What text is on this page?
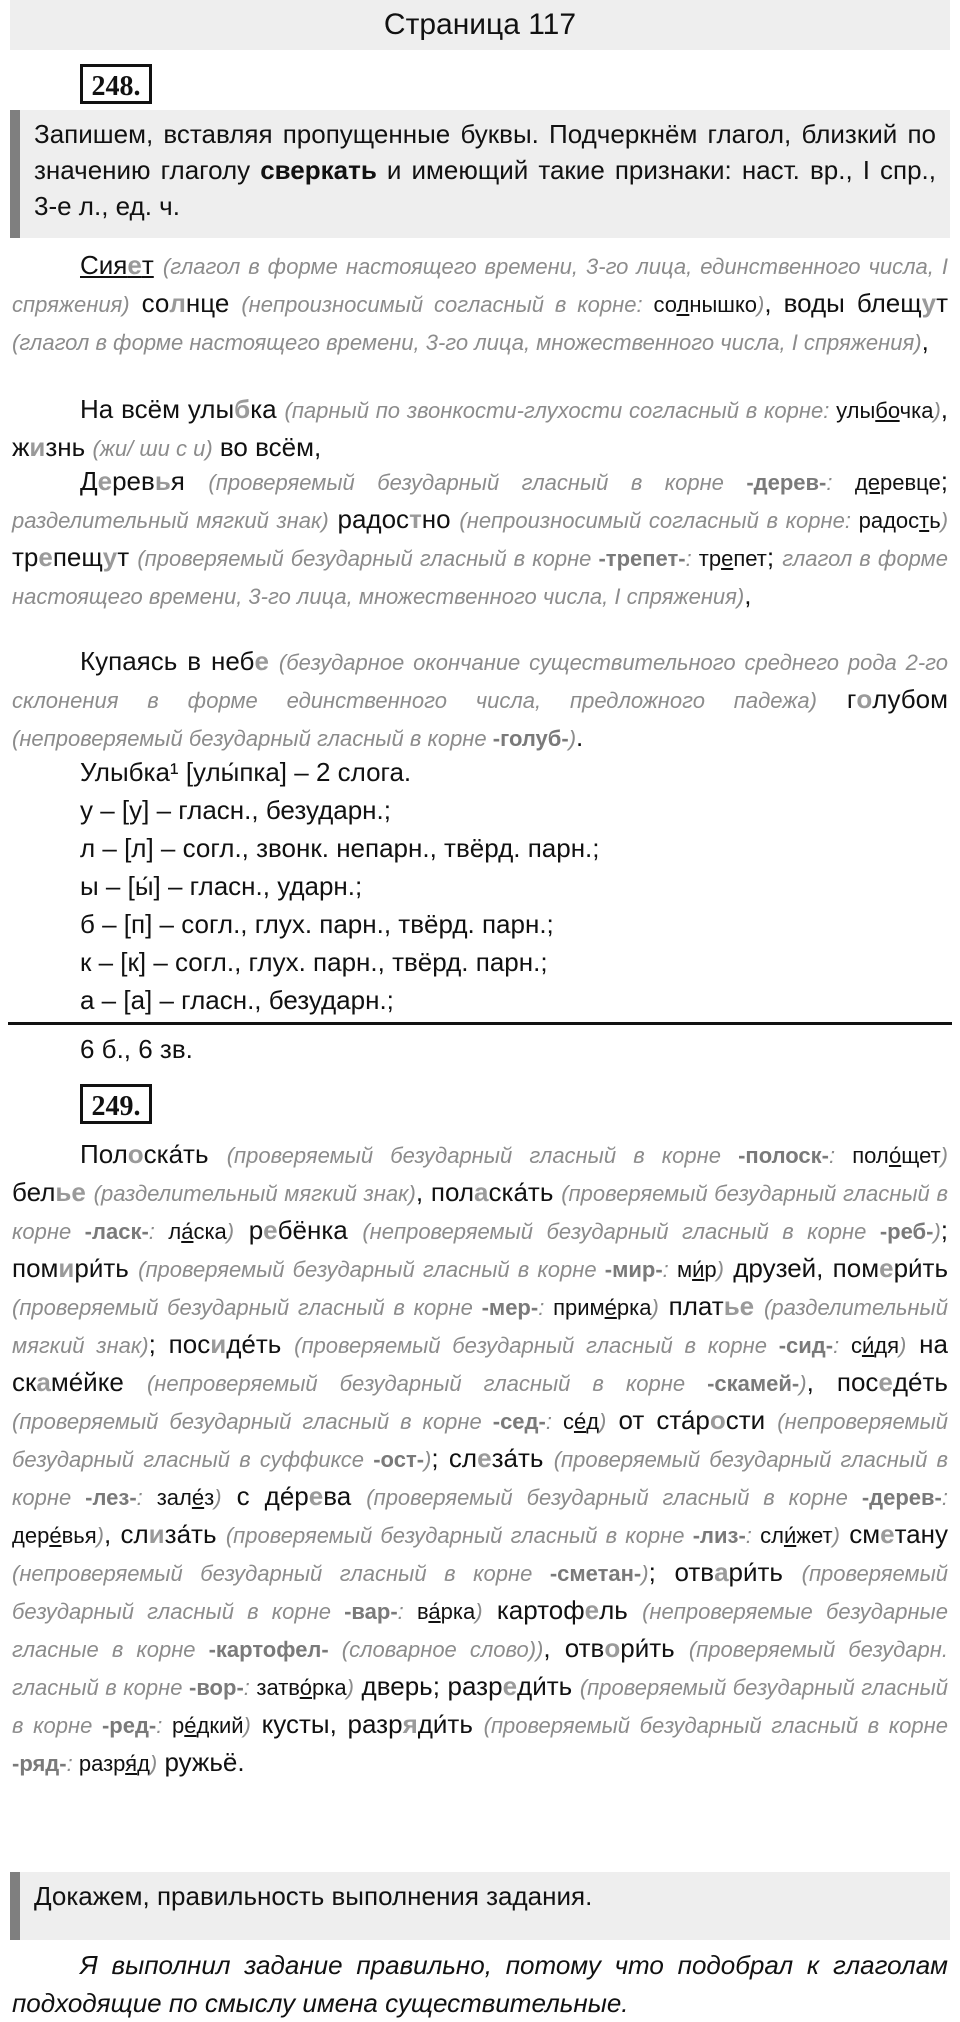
Страница 117
248.
Запишем, вставляя пропущенные буквы. Подчеркнём глагол, близкий по значению глаголу сверкать и имеющий такие признаки: наст. вр., I спр., 3-е л., ед. ч.

Сияет (глагол в форме настоящего времени, 3-го лица, единственного числа, I спряжения) солнце (непроизносимый согласный в корне: солнышко), воды блещут (глагол в форме настоящего времени, 3-го лица, множественного числа, I спряжения),

На всём улыбка (парный по звонкости-глухости согласный в корне: улыбочка), жизнь (жи/ ши с и) во всём,

Деревья (проверяемый безударный гласный в корне -дерев-: деревце; разделительный мягкий знак) радостно (непроизносимый согласный в корне: радость) трепещут (проверяемый безударный гласный в корне -трепет-: трепет; глагол в форме настоящего времени, 3-го лица, множественного числа, I спряжения),

Купаясь в небе (безударное окончание существительного среднего рода 2-го склонения в форме единственного числа, предложного падежа) голубом (непроверяемый безударный гласный в корне -голуб-).

Улыбка¹ [улы́пка] – 2 слога.
у – [у] – гласн., безударн.;
л – [л] – согл., звонк. непарн., твёрд. парн.;
ы – [ы́] – гласн., ударн.;
б – [п] – согл., глух. парн., твёрд. парн.;
к – [к] – согл., глух. парн., твёрд. парн.;
а – [а] – гласн., безударн.;
6 б., 6 зв.
249.

Полоска́ть (проверяемый безударный гласный в корне -полоск-: поло́щет) белье (разделительный мягкий знак), поласка́ть (проверяемый безударный гласный в корне -ласк-: ла́ска) ребёнка (непроверяемый безударный гласный в корне -реб-); помири́ть (проверяемый безударный гласный в корне -мир-: ми́р) друзей, помери́ть (проверяемый безударный гласный в корне -мер-: приме́рка) платье (разделительный мягкий знак); посиде́ть (проверяемый безударный гласный в корне -сид-: си́дя) на скаме́йке (непроверяемый безударный гласный в корне -скамей-), поседе́ть (проверяемый безударный гласный в корне -сед-: се́д) от ста́рости (непроверяемый безударный гласный в суффиксе -ост-); слеза́ть (проверяемый безударный гласный в корне -лез-: зале́з) с де́рева (проверяемый безударный гласный в корне -дерев-: дере́вья), слиза́ть (проверяемый безударный гласный в корне -лиз-: сли́жет) сметану (непроверяемый безударный гласный в корне -сметан-); отвари́ть (проверяемый безударный гласный в корне -вар-: ва́рка) картофель (непроверяемые безударные гласные в корне -картофел- (словарное слово)), отвори́ть (проверяемый безударн. гласный в корне -вор-: затво́рка) дверь; разреди́ть (проверяемый безударный гласный в корне -ред-: ре́дкий) кусты, разряди́ть (проверяемый безударный гласный в корне -ряд-: разря́д) ружьё.

Докажем, правильность выполнения задания.
Я выполнил задание правильно, потому что подобрал к глаголам подходящие по смыслу имена существительные.
